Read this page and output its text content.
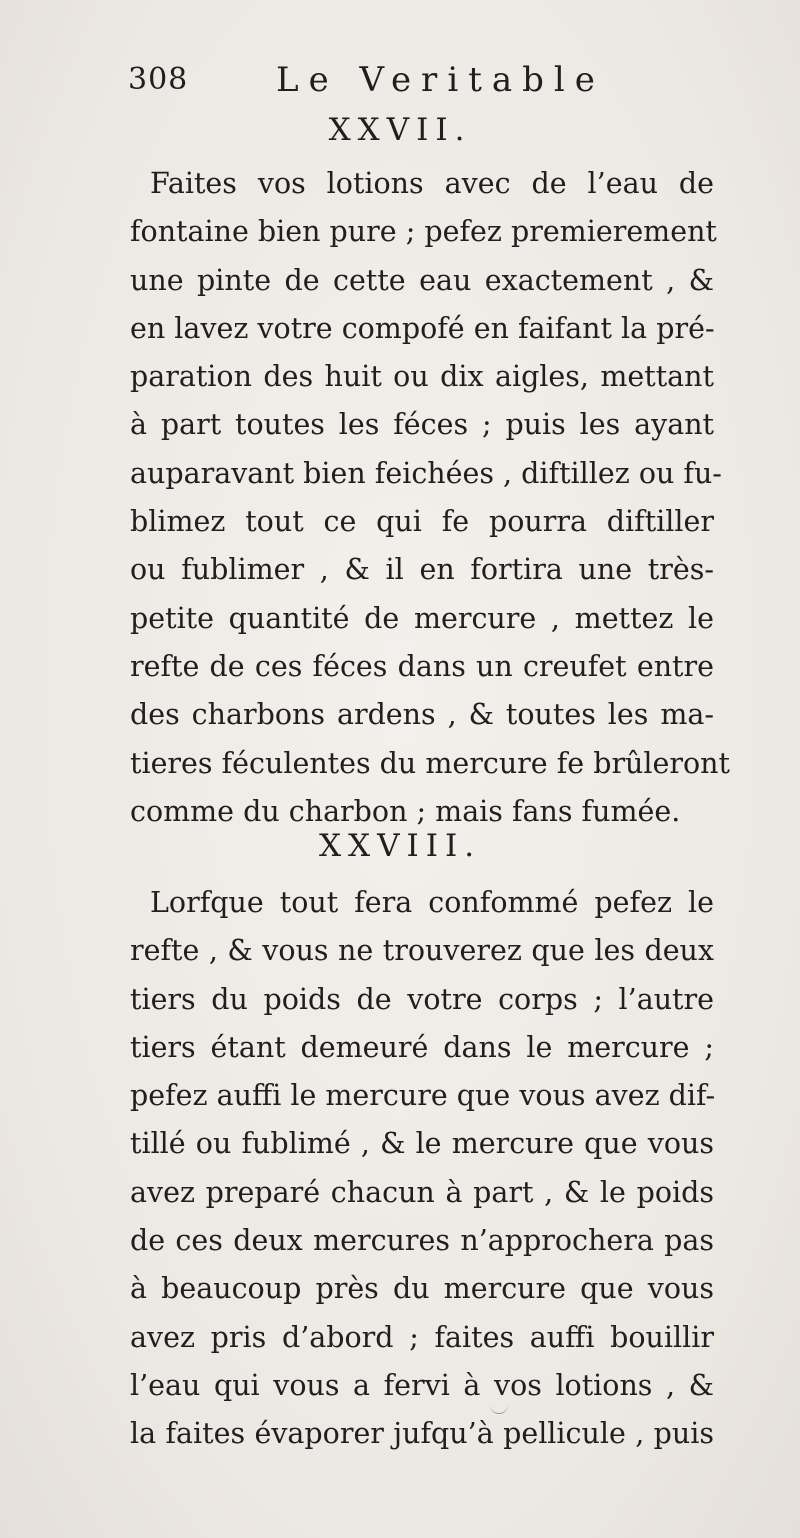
308	Le Veritable
XXVII.
Faites vos lotions avec de l’eau de
fontaine bien pure ; pefez premierement
une pinte de cette eau exactement , &
en lavez votre compofé en faifant la pré-
paration des huit ou dix aigles, mettant
à part toutes les féces ; puis les ayant
auparavant bien feichées , diftillez ou fu-
blimez tout ce qui fe pourra diftiller
ou fublimer , & il en fortira une très-
petite quantité de mercure , mettez le
refte de ces féces dans un creufet entre
des charbons ardens , & toutes les ma-
tieres féculentes du mercure fe brûleront
comme du charbon ; mais fans fumée.
XXVIII.
Lorfque tout fera confommé pefez le
refte , & vous ne trouverez que les deux
tiers du poids de votre corps ; l’autre
tiers étant demeuré dans le mercure ;
pefez auffi le mercure que vous avez dif-
tillé ou fublimé , & le mercure que vous
avez preparé chacun à part , & le poids
de ces deux mercures n’approchera pas
à beaucoup près du mercure que vous
avez pris d’abord ; faites auffi bouillir
l’eau qui vous a fervi à vos lotions , &
la faites évaporer jufqu’à pellicule , puis
